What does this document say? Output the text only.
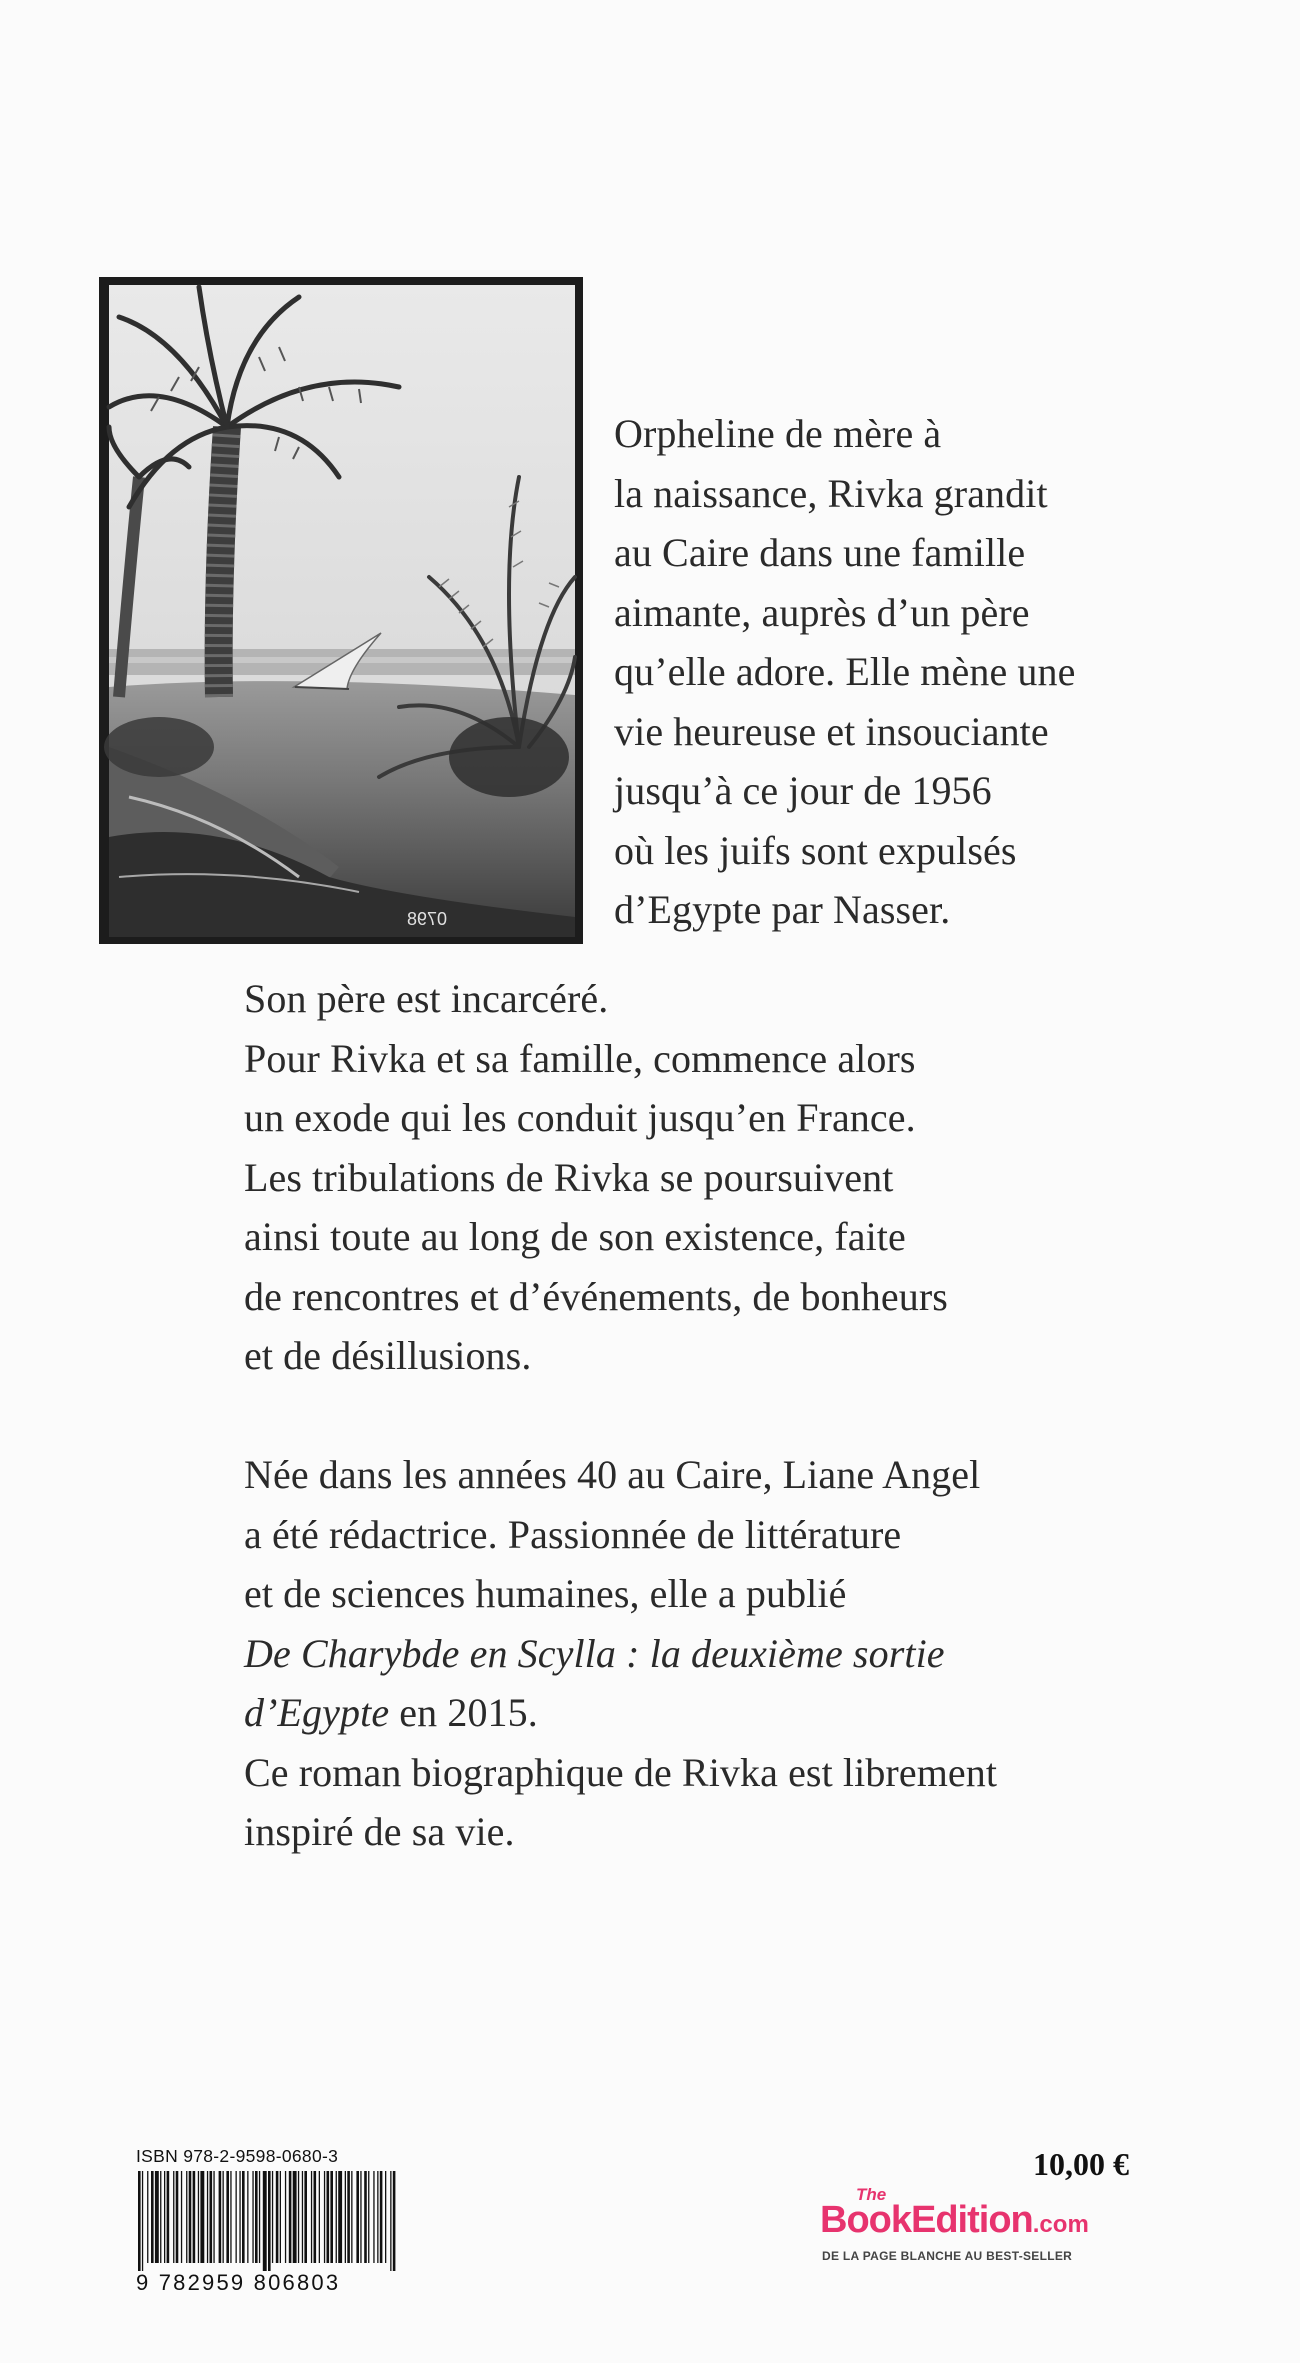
0798

Orpheline de mère à
la naissance, Rivka grandit
au Caire dans une famille
aimante, auprès d’un père
qu’elle adore. Elle mène une
vie heureuse et insouciante
jusqu’à ce jour de 1956
où les juifs sont expulsés
d’Egypte par Nasser.

Son père est incarcéré.
Pour Rivka et sa famille, commence alors
un exode qui les conduit jusqu’en France.
Les tribulations de Rivka se poursuivent
ainsi toute au long de son existence, faite
de rencontres et d’événements, de bonheurs
et de désillusions.

Née dans les années 40 au Caire, Liane Angel
a été rédactrice. Passionnée de littérature
et de sciences humaines, elle a publié
De Charybde en Scylla : la deuxième sortie
d’Egypte en 2015.
Ce roman biographique de Rivka est librement
inspiré de sa vie.

ISBN 978-2-9598-0680-3
9 782959 806803
10,00 €
The
BookEdition.com
DE LA PAGE BLANCHE AU BEST-SELLER
